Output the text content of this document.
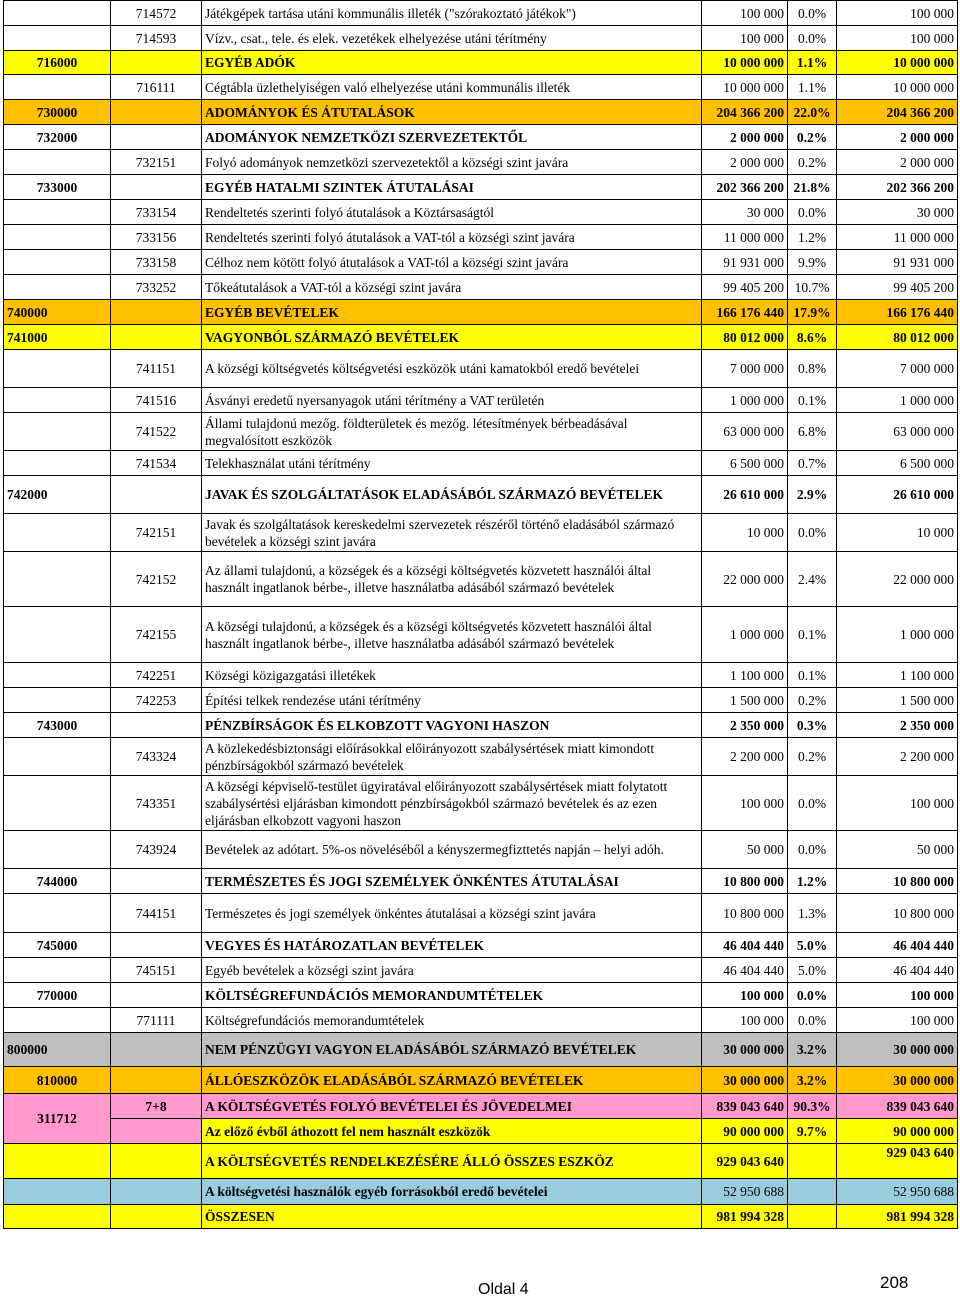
	714572	Játékgépek tartása utáni kommunális illeték ("szórakoztató játékok")	100 000	0.0%	100 000
	714593	Vízv., csat., tele. és elek. vezetékek elhelyezése utáni térítmény	100 000	0.0%	100 000
716000		EGYÉB ADÓK	10 000 000	1.1%	10 000 000
	716111	Cégtábla üzlethelyiségen való elhelyezése utáni kommunális illeték	10 000 000	1.1%	10 000 000
730000		ADOMÁNYOK ÉS ÁTUTALÁSOK	204 366 200	22.0%	204 366 200
732000		ADOMÁNYOK NEMZETKÖZI SZERVEZETEKTŐL	2 000 000	0.2%	2 000 000
	732151	Folyó adományok nemzetközi szervezetektől a községi szint javára	2 000 000	0.2%	2 000 000
733000		EGYÉB HATALMI SZINTEK ÁTUTALÁSAI	202 366 200	21.8%	202 366 200
	733154	Rendeltetés szerinti folyó átutalások a Köztársaságtól	30 000	0.0%	30 000
	733156	Rendeltetés szerinti folyó átutalások a VAT-tól a községi szint javára	11 000 000	1.2%	11 000 000
	733158	Célhoz nem kötött folyó átutalások a VAT-tól a községi szint javára	91 931 000	9.9%	91 931 000
	733252	Tőkeátutalások a VAT-tól a községi szint javára	99 405 200	10.7%	99 405 200
740000		EGYÉB BEVÉTELEK	166 176 440	17.9%	166 176 440
741000		VAGYONBÓL SZÁRMAZÓ BEVÉTELEK	80 012 000	8.6%	80 012 000
	741151	A községi költségvetés költségvetési eszközök utáni kamatokból eredő bevételei	7 000 000	0.8%	7 000 000
	741516	Ásványi eredetű nyersanyagok utáni térítmény a VAT területén	1 000 000	0.1%	1 000 000
	741522	Állami tulajdonú mezőg. földterületek és mezőg. létesítmények bérbeadásával megvalósított eszközök	63 000 000	6.8%	63 000 000
	741534	Telekhasználat utáni térítmény	6 500 000	0.7%	6 500 000
742000		JAVAK ÉS SZOLGÁLTATÁSOK ELADÁSÁBÓL SZÁRMAZÓ BEVÉTELEK	26 610 000	2.9%	26 610 000
	742151	Javak és szolgáltatások kereskedelmi szervezetek részéről történő eladásából származó bevételek a községi szint javára	10 000	0.0%	10 000
	742152	Az állami tulajdonú, a községek és a községi költségvetés közvetett használói által használt ingatlanok bérbe-, illetve használatba adásából származó bevételek	22 000 000	2.4%	22 000 000
	742155	A községi tulajdonú, a községek és a községi költségvetés közvetett használói által használt ingatlanok bérbe-, illetve használatba adásából származó bevételek	1 000 000	0.1%	1 000 000
	742251	Községi közigazgatási illetékek	1 100 000	0.1%	1 100 000
	742253	Építési telkek rendezése utáni térítmény	1 500 000	0.2%	1 500 000
743000		PÉNZBÍRSÁGOK ÉS ELKOBZOTT VAGYONI HASZON	2 350 000	0.3%	2 350 000
	743324	A közlekedésbiztonsági előírásokkal előirányozott szabálysértések miatt kimondott pénzbírságokból származó bevételek	2 200 000	0.2%	2 200 000
	743351	A községi képviselő-testület ügyiratával előirányozott szabálysértések miatt folytatott szabálysértési eljárásban kimondott pénzbírságokból származó bevételek és az ezen eljárásban elkobzott vagyoni haszon	100 000	0.0%	100 000
	743924	Bevételek az adótart. 5%-os növeléséből a kényszermegfizttetés napján – helyi adóh.	50 000	0.0%	50 000
744000		TERMÉSZETES ÉS JOGI SZEMÉLYEK ÖNKÉNTES ÁTUTALÁSAI	10 800 000	1.2%	10 800 000
	744151	Természetes és jogi személyek önkéntes átutalásai a községi szint javára	10 800 000	1.3%	10 800 000
745000		VEGYES ÉS HATÁROZATLAN BEVÉTELEK	46 404 440	5.0%	46 404 440
	745151	Egyéb bevételek a községi szint javára	46 404 440	5.0%	46 404 440
770000		KÖLTSÉGREFUNDÁCIÓS MEMORANDUMTÉTELEK	100 000	0.0%	100 000
	771111	Költségrefundációs memorandumtételek	100 000	0.0%	100 000
800000		NEM PÉNZÜGYI VAGYON ELADÁSÁBÓL SZÁRMAZÓ BEVÉTELEK	30 000 000	3.2%	30 000 000
810000		ÁLLÓESZKÖZÖK ELADÁSÁBÓL SZÁRMAZÓ BEVÉTELEK	30 000 000	3.2%	30 000 000
311712	7+8	A KÖLTSÉGVETÉS FOLYÓ BEVÉTELEI ÉS JÖVEDELMEI	839 043 640	90.3%	839 043 640
		Az előző évből áthozott fel nem használt eszközök	90 000 000	9.7%	90 000 000
		A KÖLTSÉGVETÉS RENDELKEZÉSÉRE ÁLLÓ ÖSSZES ESZKÖZ	929 043 640		929 043 640
		A költségvetési használók egyéb forrásokból eredő bevételei	52 950 688		52 950 688
		ÖSSZESEN	981 994 328		981 994 328
Oldal 4	208
